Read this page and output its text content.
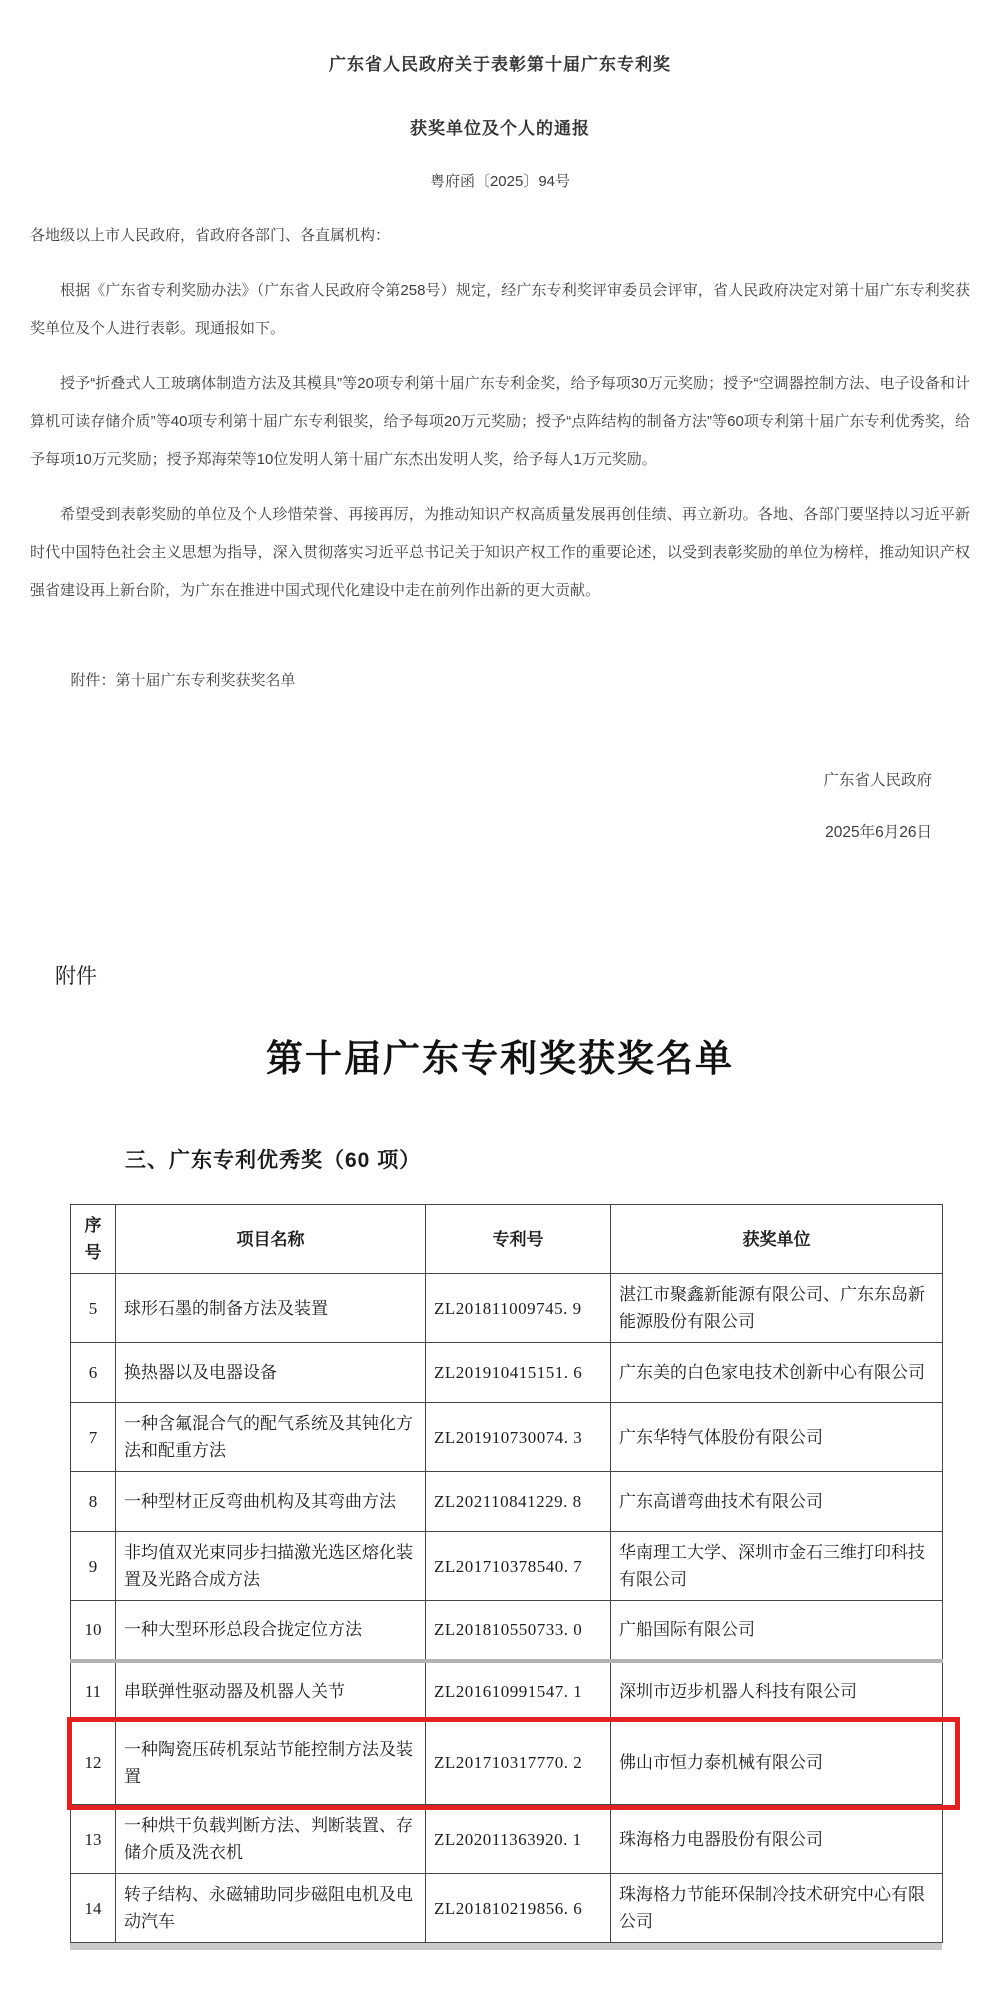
广东省人民政府关于表彰第十届广东专利奖
获奖单位及个人的通报
粤府函〔2025〕94号
各地级以上市人民政府，省政府各部门、各直属机构：
根据《广东省专利奖励办法》（广东省人民政府令第258号）规定，经广东专利奖评审委员会评审，省人民政府决定对第十届广东专利奖获奖单位及个人进行表彰。现通报如下。
授予“折叠式人工玻璃体制造方法及其模具”等20项专利第十届广东专利金奖，给予每项30万元奖励；授予“空调器控制方法、电子设备和计算机可读存储介质”等40项专利第十届广东专利银奖，给予每项20万元奖励；授予“点阵结构的制备方法”等60项专利第十届广东专利优秀奖，给予每项10万元奖励；授予郑海荣等10位发明人第十届广东杰出发明人奖，给予每人1万元奖励。
希望受到表彰奖励的单位及个人珍惜荣誉、再接再厉，为推动知识产权高质量发展再创佳绩、再立新功。各地、各部门要坚持以习近平新时代中国特色社会主义思想为指导，深入贯彻落实习近平总书记关于知识产权工作的重要论述，以受到表彰奖励的单位为榜样，推动知识产权强省建设再上新台阶，为广东在推进中国式现代化建设中走在前列作出新的更大贡献。
附件：第十届广东专利奖获奖名单
广东省人民政府
2025年6月26日
附件
第十届广东专利奖获奖名单
三、广东专利优秀奖（60 项）
序号	项目名称	专利号	获奖单位
5	球形石墨的制备方法及装置	ZL201811009745. 9	湛江市聚鑫新能源有限公司、广东东岛新能源股份有限公司
6	换热器以及电器设备	ZL201910415151. 6	广东美的白色家电技术创新中心有限公司
7	一种含氟混合气的配气系统及其钝化方法和配重方法	ZL201910730074. 3	广东华特气体股份有限公司
8	一种型材正反弯曲机构及其弯曲方法	ZL202110841229. 8	广东高谱弯曲技术有限公司
9	非均值双光束同步扫描激光选区熔化装置及光路合成方法	ZL201710378540. 7	华南理工大学、深圳市金石三维打印科技有限公司
10	一种大型环形总段合拢定位方法	ZL201810550733. 0	广船国际有限公司
11	串联弹性驱动器及机器人关节	ZL201610991547. 1	深圳市迈步机器人科技有限公司
12	一种陶瓷压砖机泵站节能控制方法及装置	ZL201710317770. 2	佛山市恒力泰机械有限公司
13	一种烘干负载判断方法、判断装置、存储介质及洗衣机	ZL202011363920. 1	珠海格力电器股份有限公司
14	转子结构、永磁辅助同步磁阻电机及电动汽车	ZL201810219856. 6	珠海格力节能环保制冷技术研究中心有限公司
